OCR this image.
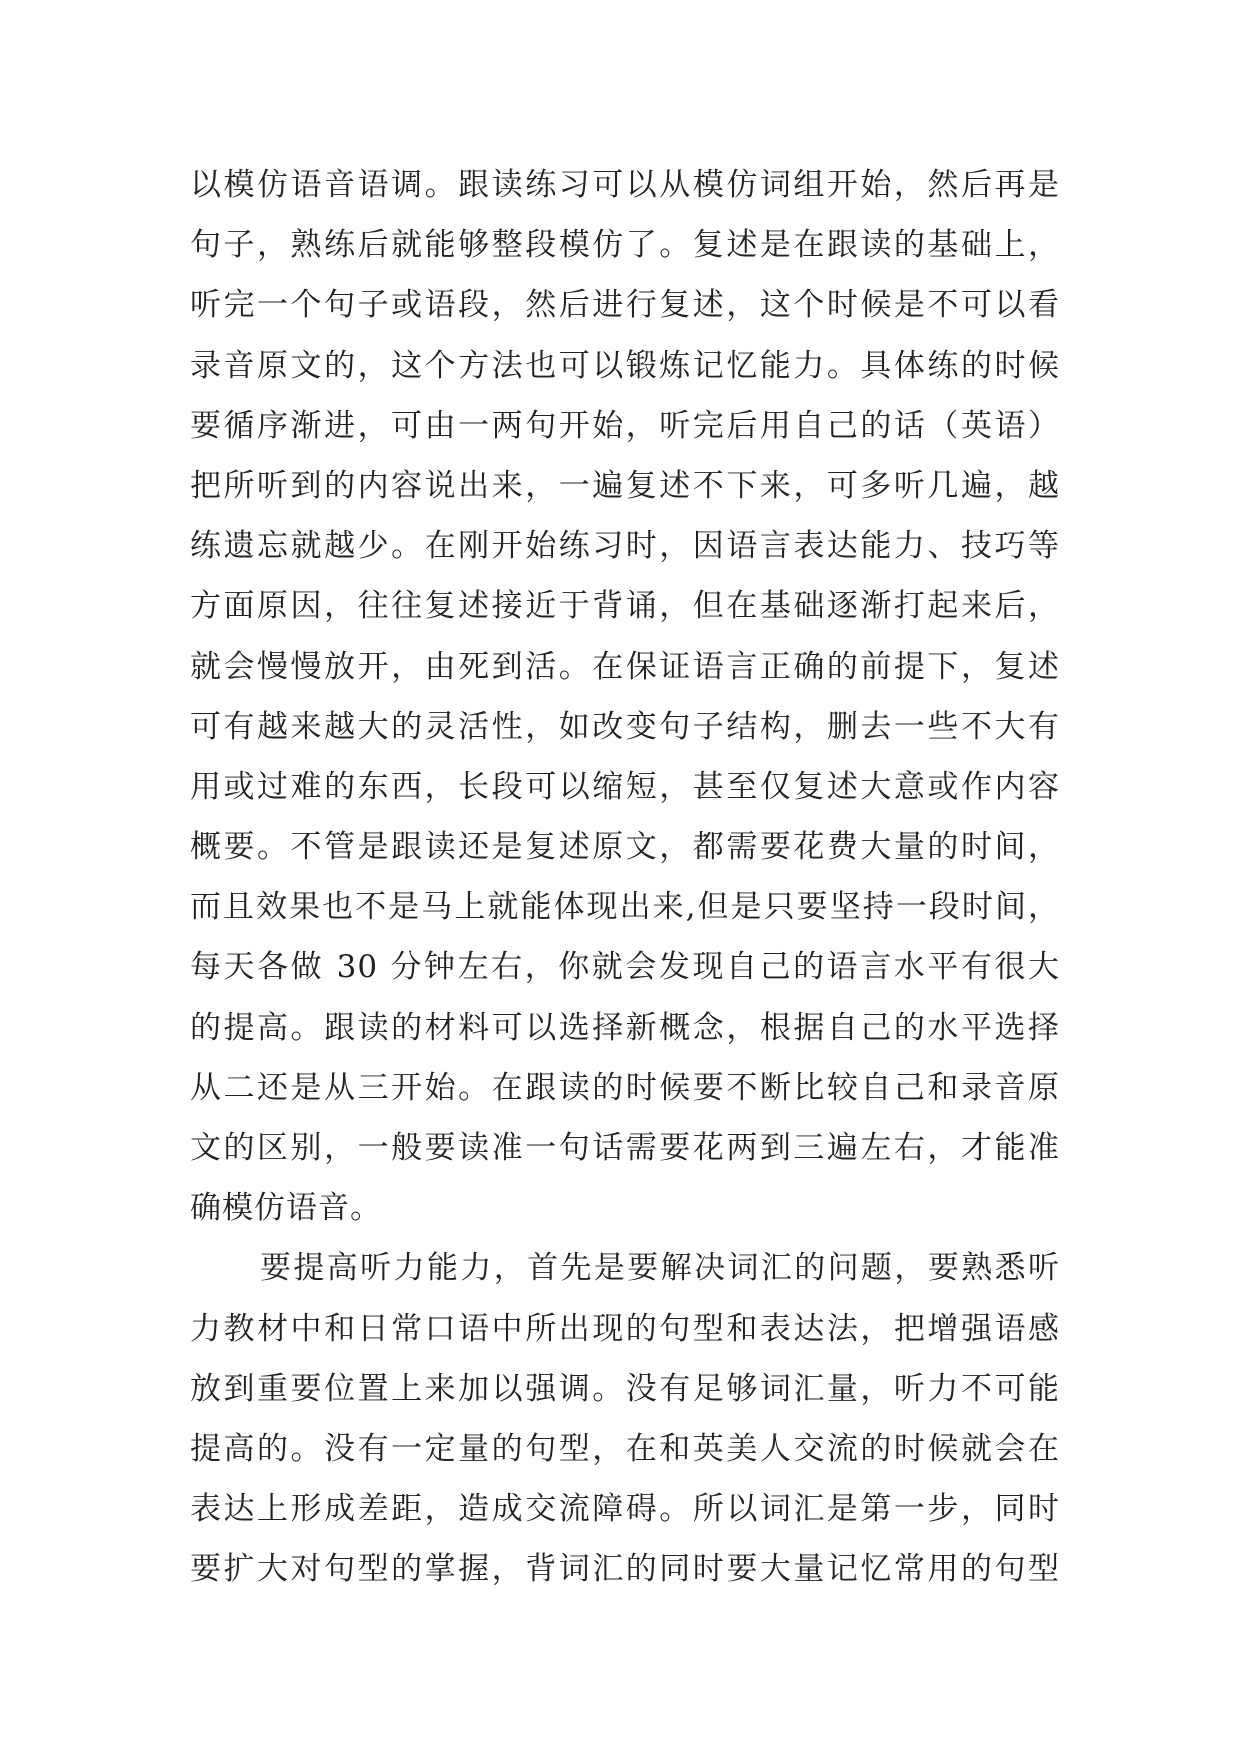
以模仿语音语调。跟读练习可以从模仿词组开始，然后再是
句子，熟练后就能够整段模仿了。复述是在跟读的基础上，
听完一个句子或语段，然后进行复述，这个时候是不可以看
录音原文的，这个方法也可以锻炼记忆能力。具体练的时候
要循序渐进，可由一两句开始，听完后用自己的话（英语）
把所听到的内容说出来，一遍复述不下来，可多听几遍，越
练遗忘就越少。在刚开始练习时，因语言表达能力、技巧等
方面原因，往往复述接近于背诵，但在基础逐渐打起来后，
就会慢慢放开，由死到活。在保证语言正确的前提下，复述
可有越来越大的灵活性，如改变句子结构，删去一些不大有
用或过难的东西，长段可以缩短，甚至仅复述大意或作内容
概要。不管是跟读还是复述原文，都需要花费大量的时间，
而且效果也不是马上就能体现出来,但是只要坚持一段时间，
每天各做 30 分钟左右，你就会发现自己的语言水平有很大
的提高。跟读的材料可以选择新概念，根据自己的水平选择
从二还是从三开始。在跟读的时候要不断比较自己和录音原
文的区别，一般要读准一句话需要花两到三遍左右，才能准
确模仿语音。
要提高听力能力，首先是要解决词汇的问题，要熟悉听
力教材中和日常口语中所出现的句型和表达法，把增强语感
放到重要位置上来加以强调。没有足够词汇量，听力不可能
提高的。没有一定量的句型，在和英美人交流的时候就会在
表达上形成差距，造成交流障碍。所以词汇是第一步，同时
要扩大对句型的掌握，背词汇的同时要大量记忆常用的句型
